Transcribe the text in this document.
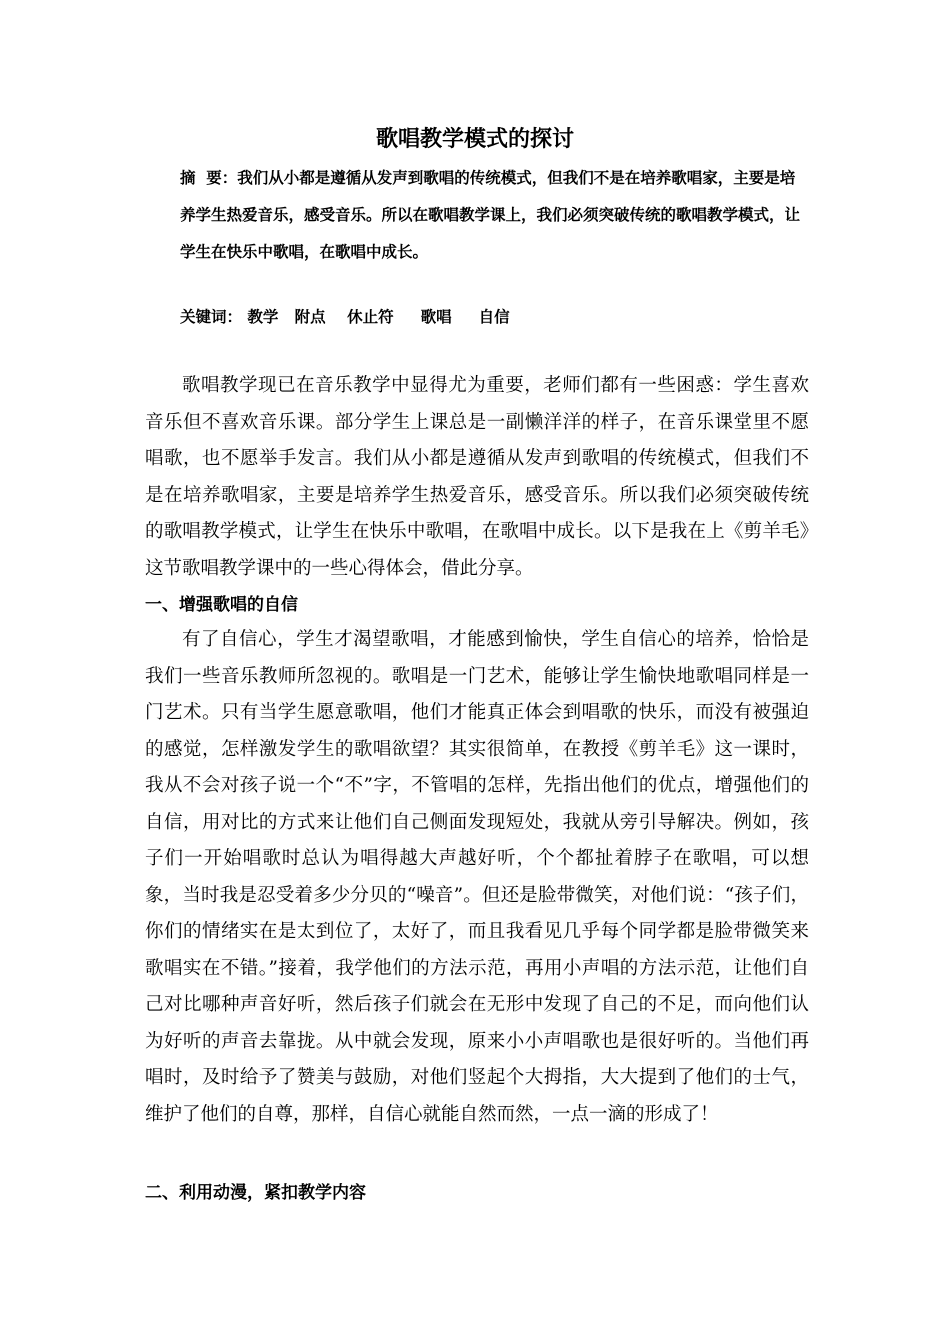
歌唱教学模式的探讨
摘  要：我们从小都是遵循从发声到歌唱的传统模式，但我们不是在培养歌唱家，主要是培养学生热爱音乐，感受音乐。所以在歌唱教学课上，我们必须突破传统的歌唱教学模式，让学生在快乐中歌唱，在歌唱中成长。
关键词： 教学   附点    休止符     歌唱     自信
歌唱教学现已在音乐教学中显得尤为重要，老师们都有一些困惑：学生喜欢音乐但不喜欢音乐课。部分学生上课总是一副懒洋洋的样子，在音乐课堂里不愿唱歌，也不愿举手发言。我们从小都是遵循从发声到歌唱的传统模式，但我们不是在培养歌唱家，主要是培养学生热爱音乐，感受音乐。所以我们必须突破传统的歌唱教学模式，让学生在快乐中歌唱，在歌唱中成长。以下是我在上《剪羊毛》这节歌唱教学课中的一些心得体会，借此分享。
一、增强歌唱的自信
有了自信心，学生才渴望歌唱，才能感到愉快，学生自信心的培养，恰恰是我们一些音乐教师所忽视的。歌唱是一门艺术，能够让学生愉快地歌唱同样是一门艺术。只有当学生愿意歌唱，他们才能真正体会到唱歌的快乐，而没有被强迫的感觉，怎样激发学生的歌唱欲望？其实很简单，在教授《剪羊毛》这一课时，我从不会对孩子说一个“不”字，不管唱的怎样，先指出他们的优点，增强他们的自信，用对比的方式来让他们自己侧面发现短处，我就从旁引导解决。例如，孩子们一开始唱歌时总认为唱得越大声越好听，个个都扯着脖子在歌唱，可以想象，当时我是忍受着多少分贝的“噪音”。但还是脸带微笑，对他们说：“孩子们，你们的情绪实在是太到位了，太好了，而且我看见几乎每个同学都是脸带微笑来歌唱实在不错。”接着，我学他们的方法示范，再用小声唱的方法示范，让他们自己对比哪种声音好听，然后孩子们就会在无形中发现了自己的不足，而向他们认为好听的声音去靠拢。从中就会发现，原来小小声唱歌也是很好听的。当他们再唱时，及时给予了赞美与鼓励，对他们竖起个大拇指，大大提到了他们的士气，维护了他们的自尊，那样，自信心就能自然而然，一点一滴的形成了！
二、利用动漫，紧扣教学内容
